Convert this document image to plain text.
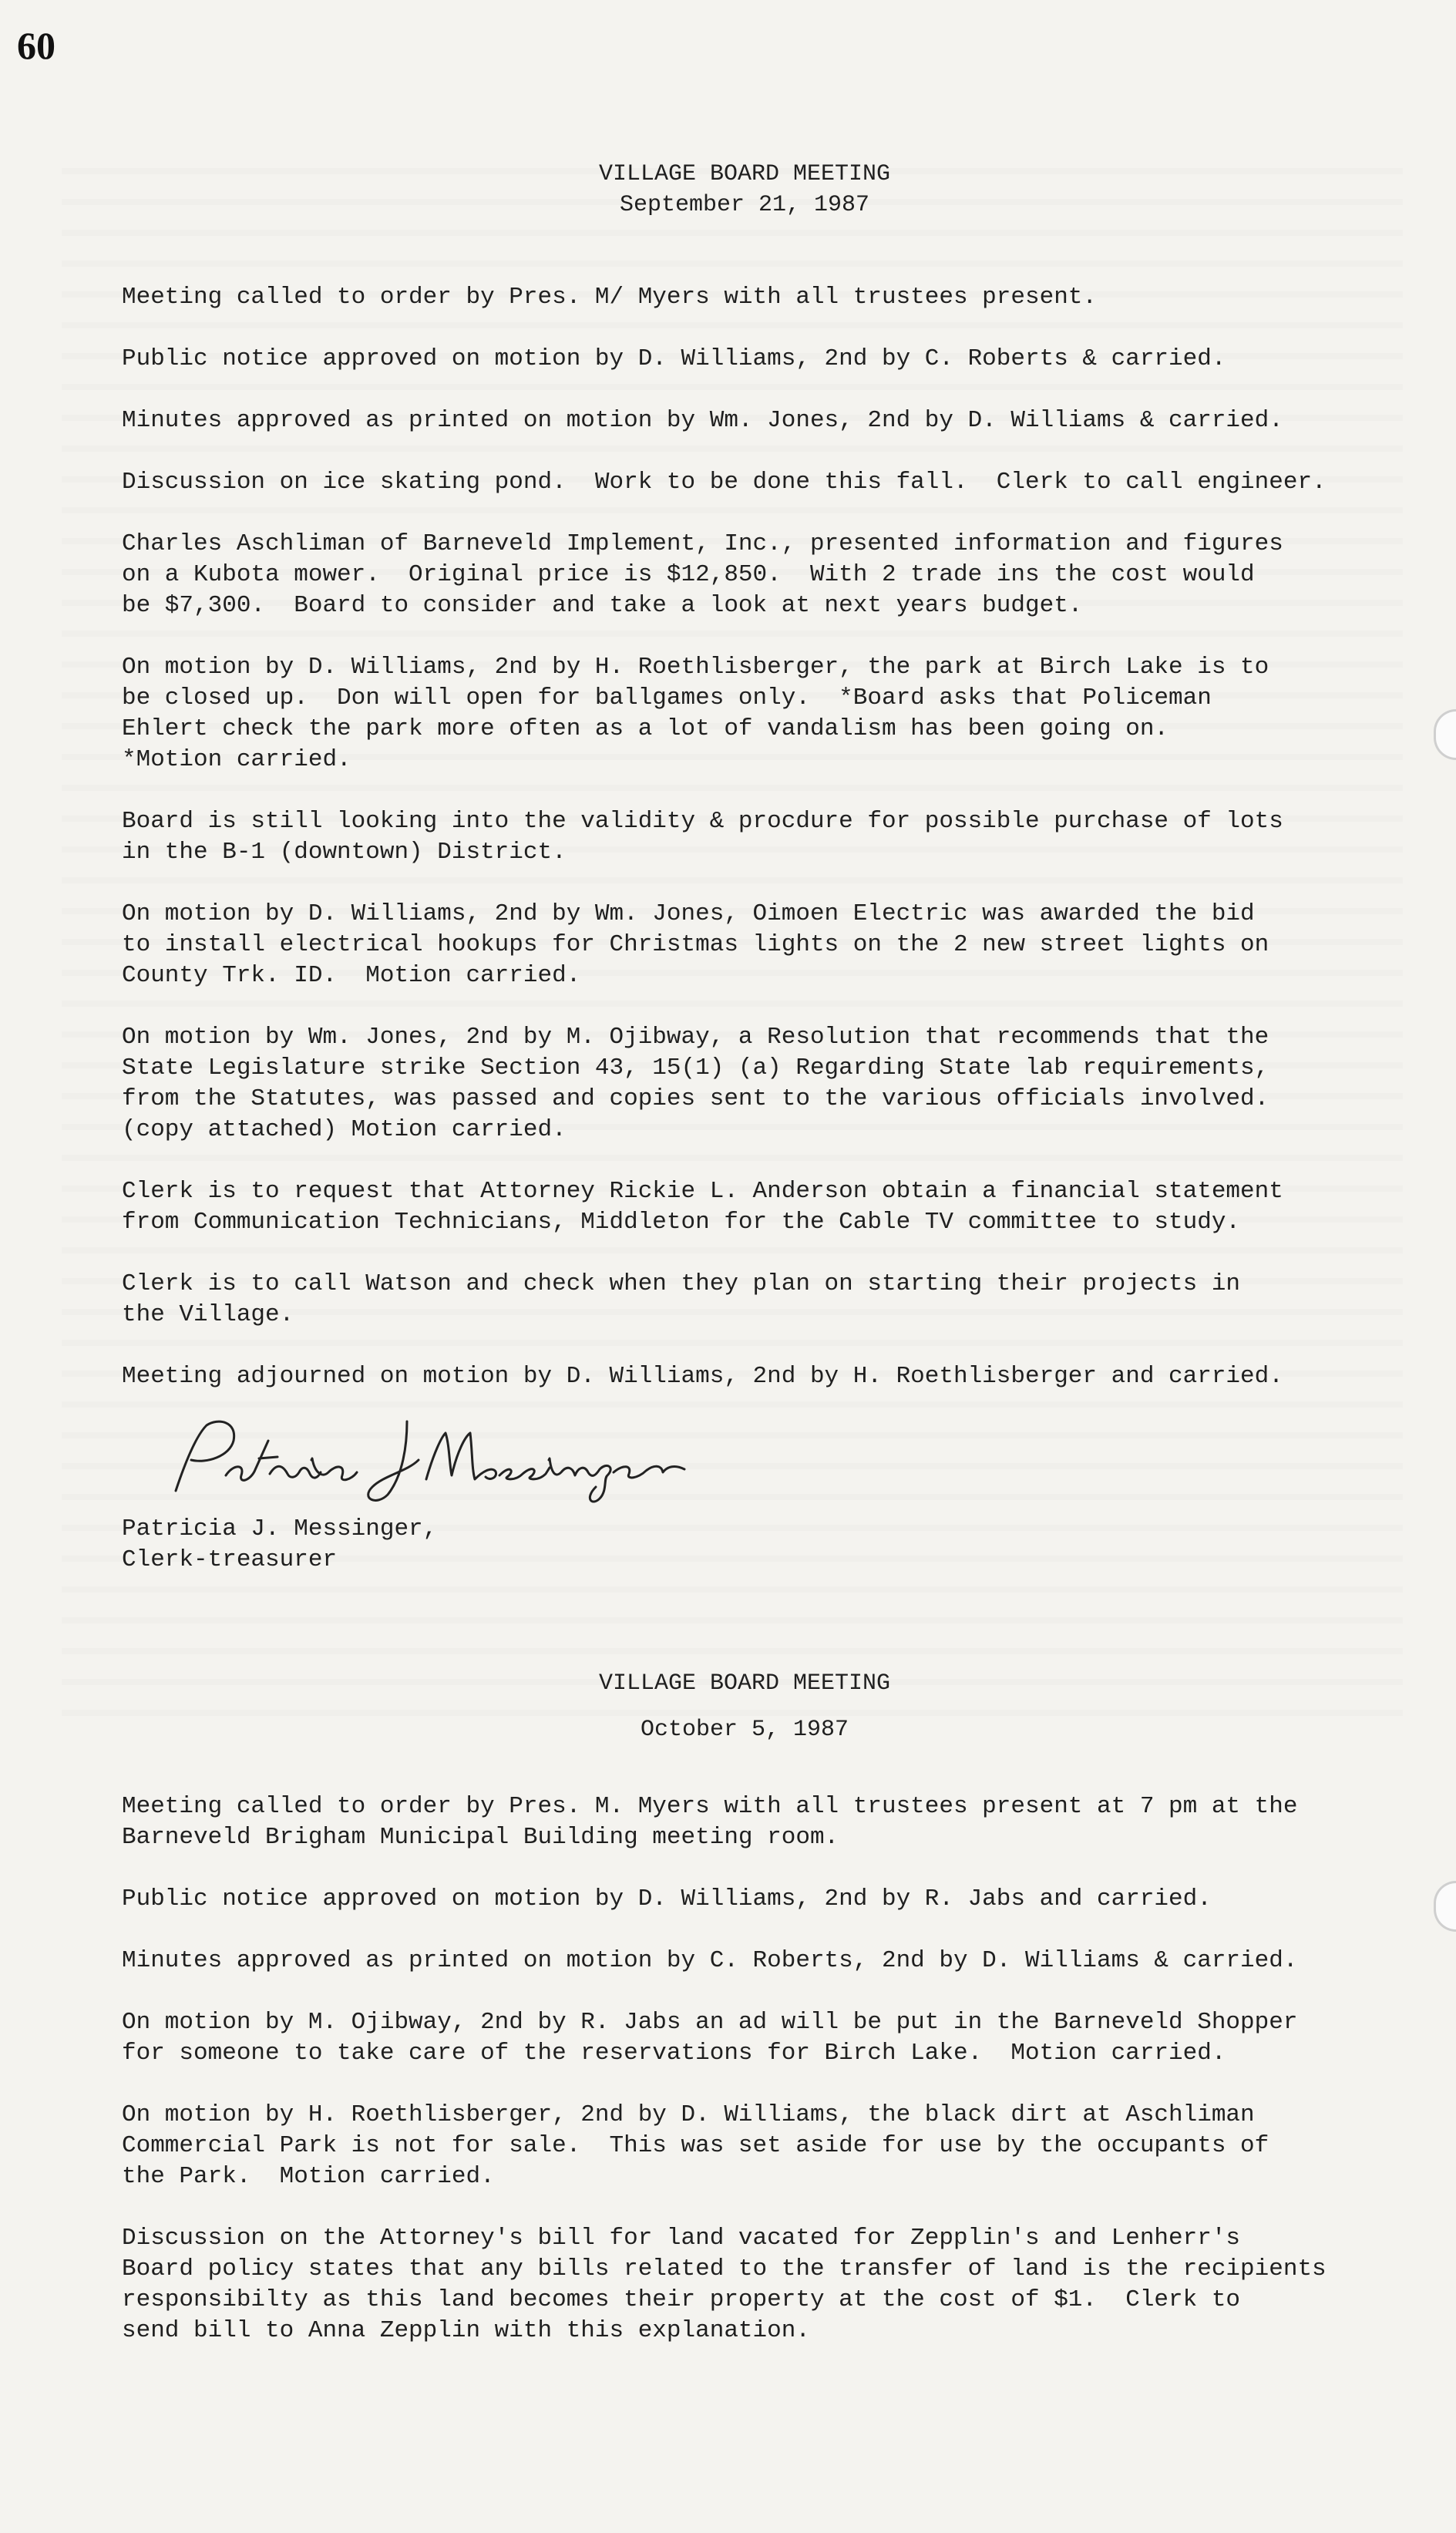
60
VILLAGE BOARD MEETING
September 21, 1987

Meeting called to order by Pres. M/ Myers with all trustees present.

Public notice approved on motion by D. Williams, 2nd by C. Roberts & carried.

Minutes approved as printed on motion by Wm. Jones, 2nd by D. Williams & carried.

Discussion on ice skating pond.  Work to be done this fall.  Clerk to call engineer.

Charles Aschliman of Barneveld Implement, Inc., presented information and figures
on a Kubota mower.  Original price is $12,850.  With 2 trade ins the cost would
be $7,300.  Board to consider and take a look at next years budget.

On motion by D. Williams, 2nd by H. Roethlisberger, the park at Birch Lake is to
be closed up.  Don will open for ballgames only.  *Board asks that Policeman
Ehlert check the park more often as a lot of vandalism has been going on.
*Motion carried.

Board is still looking into the validity & procdure for possible purchase of lots
in the B-1 (downtown) District.

On motion by D. Williams, 2nd by Wm. Jones, Oimoen Electric was awarded the bid
to install electrical hookups for Christmas lights on the 2 new street lights on
County Trk. ID.  Motion carried.

On motion by Wm. Jones, 2nd by M. Ojibway, a Resolution that recommends that the
State Legislature strike Section 43, 15(1) (a) Regarding State lab requirements,
from the Statutes, was passed and copies sent to the various officials involved.
(copy attached) Motion carried.

Clerk is to request that Attorney Rickie L. Anderson obtain a financial statement
from Communication Technicians, Middleton for the Cable TV committee to study.

Clerk is to call Watson and check when they plan on starting their projects in
the Village.

Meeting adjourned on motion by D. Williams, 2nd by H. Roethlisberger and carried.

Patricia J. Messinger,
Clerk-treasurer
VILLAGE BOARD MEETING
October 5, 1987

Meeting called to order by Pres. M. Myers with all trustees present at 7 pm at the
Barneveld Brigham Municipal Building meeting room.

Public notice approved on motion by D. Williams, 2nd by R. Jabs and carried.

Minutes approved as printed on motion by C. Roberts, 2nd by D. Williams & carried.

On motion by M. Ojibway, 2nd by R. Jabs an ad will be put in the Barneveld Shopper
for someone to take care of the reservations for Birch Lake.  Motion carried.

On motion by H. Roethlisberger, 2nd by D. Williams, the black dirt at Aschliman
Commercial Park is not for sale.  This was set aside for use by the occupants of
the Park.  Motion carried.

Discussion on the Attorney's bill for land vacated for Zepplin's and Lenherr's
Board policy states that any bills related to the transfer of land is the recipients
responsibilty as this land becomes their property at the cost of $1.  Clerk to
send bill to Anna Zepplin with this explanation.
